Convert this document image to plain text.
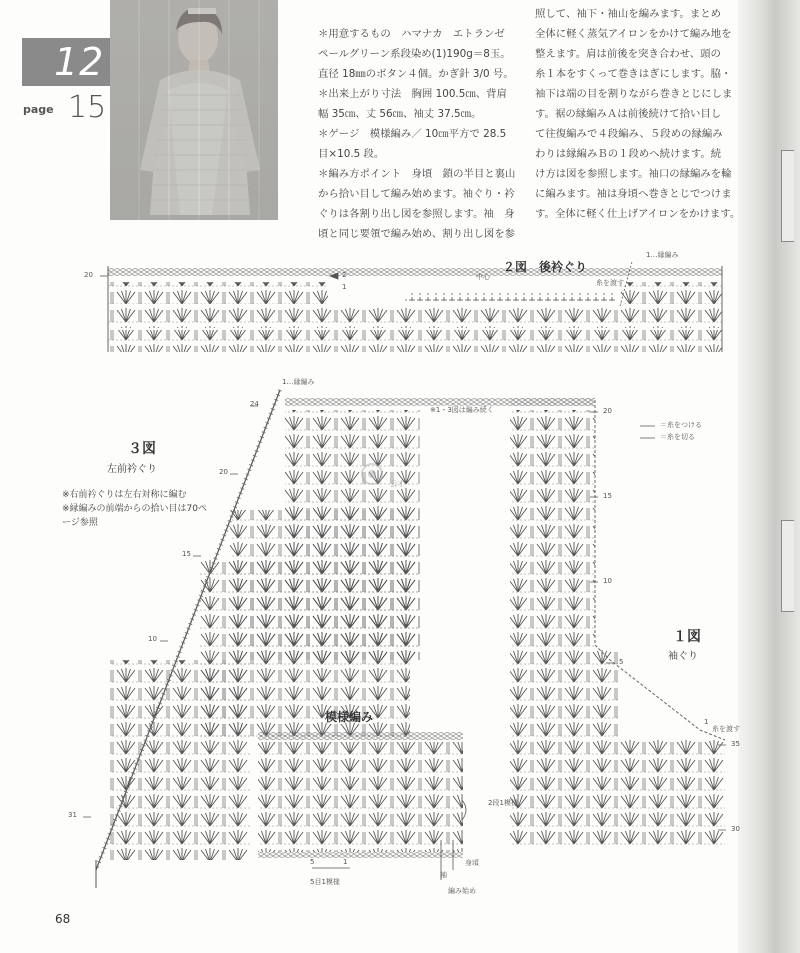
12
page 15

＊用意するもの　ハマナカ　エトランゼ

ペールグリーン系段染め(1)190g＝8玉。

直径 18㎜のボタン４個。かぎ針 3/0 号。

＊出来上がり寸法　胸囲 100.5㎝、背肩

幅 35㎝、丈 56㎝、袖丈 37.5㎝。

＊ゲージ　模様編み／ 10㎝平方で 28.5

目×10.5 段。

＊編み方ポイント　身頃　鎖の半目と裏山

から拾い目して編み始めます。袖ぐり・衿

ぐりは各割り出し図を参照します。袖　身

頃と同じ要領で編み始め、割り出し図を参

照して、袖下・袖山を編みます。まとめ

全体に軽く蒸気アイロンをかけて編み地を

整えます。肩は前後を突き合わせ、頭の

糸１本をすくって巻きはぎにします。脇・

袖下は端の目を割りながら巻きとじにしま

す。裾の縁編みＡは前後続けて拾い目し

て往復編みで４段編み、５段めの縁編み

わりは縁編みＢの１段めへ続けます。続

け方は図を参照します。袖口の縁編みを輪

に編みます。袖は身頃へ巻きとじでつけま

す。全体に軽く仕上げアイロンをかけます。

２図　後衿ぐり
中心
糸を渡す
1…縁編み
20	2
1
1…縁編み
３図
左前衿ぐり
※右前衿ぐりは左右対称に編む
※縁編みの前端からの拾い目は70ペ
ージ参照
※1・3図は編み続く
＝糸をつける
＝糸を切る
１図
袖ぐり
糸を渡す
模様編み
2段1模様
身頃
袖
編み始め
5目1模様
5	1
云才
20
15
10
5
24
20
15
10
31
1
35
30
68
